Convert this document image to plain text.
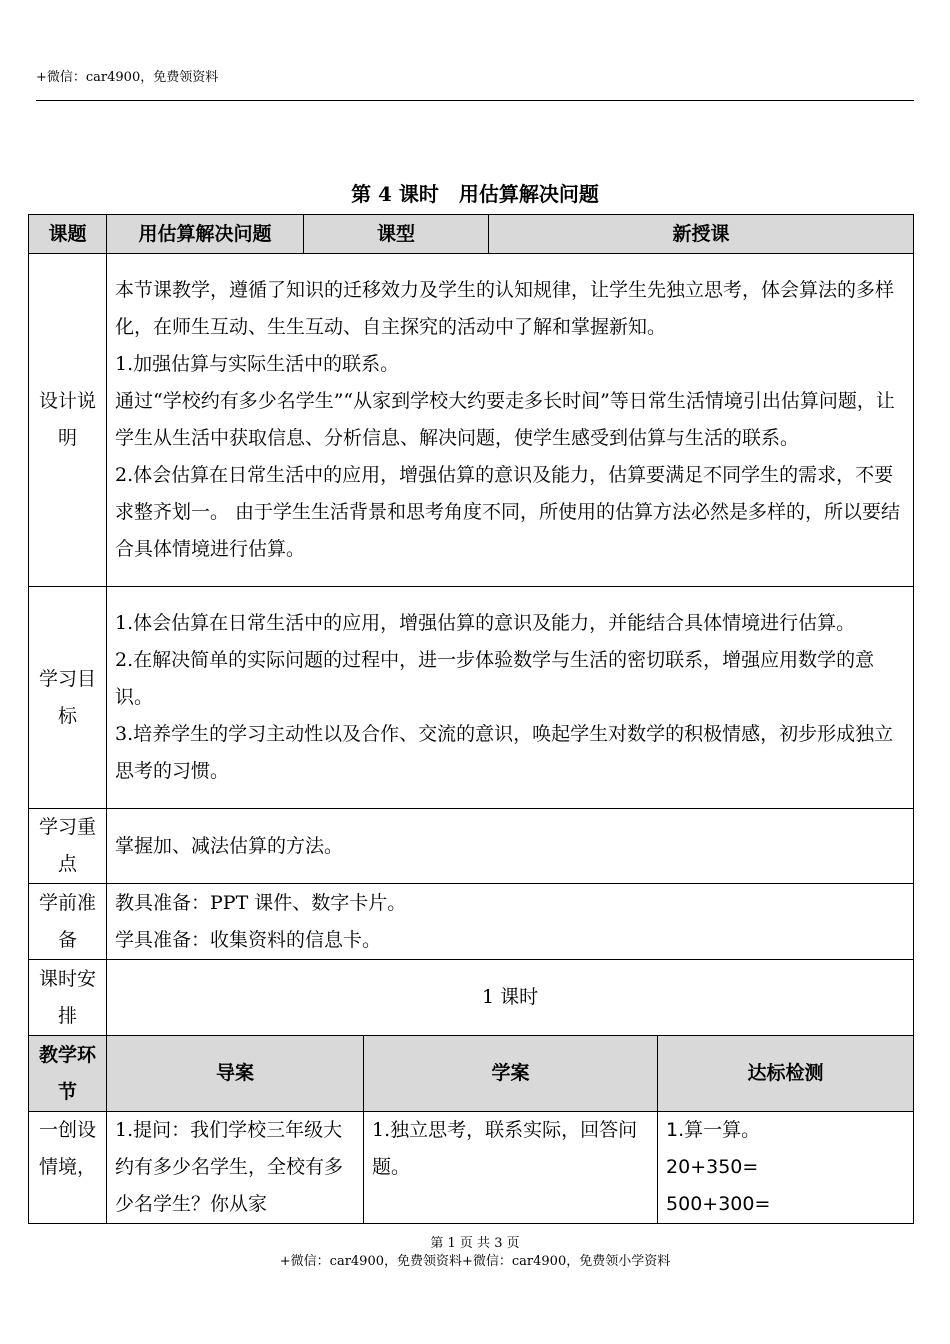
+微信：car4900，免费领资料
第 4 课时　用估算解决问题
课题	用估算解决问题	课型		新授课	
设计说明	本节课教学，遵循了知识的迁移效力及学生的认知规律，让学生先独立思考，体会算法的多样化，在师生互动、生生互动、自主探究的活动中了解和掌握新知。
1.加强估算与实际生活中的联系。
通过“学校约有多少名学生”“从家到学校大约要走多长时间”等日常生活情境引出估算问题，让学生从生活中获取信息、分析信息、解决问题，使学生感受到估算与生活的联系。
2.体会估算在日常生活中的应用，增强估算的意识及能力，估算要满足不同学生的需求，不要求整齐划一。 由于学生生活背景和思考角度不同，所使用的估算方法必然是多样的，所以要结合具体情境进行估算。				

学习目标	1.体会估算在日常生活中的应用，增强估算的意识及能力，并能结合具体情境进行估算。
2.在解决简单的实际问题的过程中，进一步体验数学与生活的密切联系，增强应用数学的意识。
3.培养学生的学习主动性以及合作、交流的意识，唤起学生对数学的积极情感，初步形成独立思考的习惯。				

学习重点	掌握加、减法估算的方法。				
学前准备	教具准备：PPT 课件、数字卡片。
学具准备：收集资料的信息卡。				

课时安排	1 课时				
教学环节	导案		学案		达标检测
一创设情境，	1.提问：我们学校三年级大约有多少名学生，全校有多少名学生？你从家		1.独立思考，联系实际，回答问题。		1.算一算。
20+350=
500+300=
第 1 页 共 3 页
+微信：car4900，免费领资料+微信：car4900，免费领小学资料
